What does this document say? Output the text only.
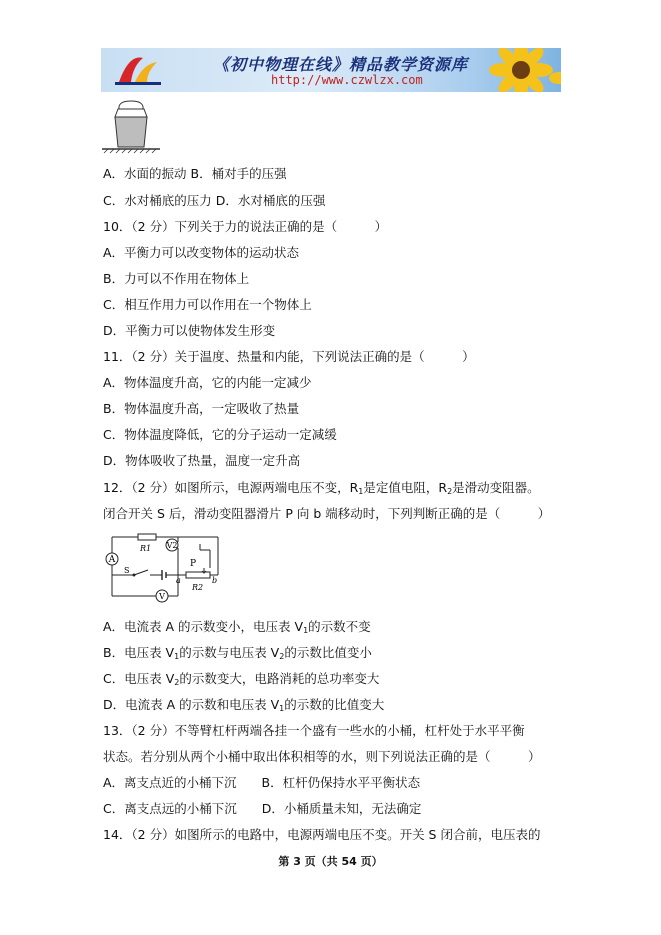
《初中物理在线》精品教学资源库
http://www.czwlzx.com
A．水面的振动 B．桶对手的压强
C．水对桶底的压力 D．水对桶底的压强
10．（2 分）下列关于力的说法正确的是（　　　）
A．平衡力可以改变物体的运动状态
B．力可以不作用在物体上
C．相互作用力可以作用在一个物体上
D．平衡力可以使物体发生形变
11．（2 分）关于温度、热量和内能，下列说法正确的是（　　　）
A．物体温度升高，它的内能一定减少
B．物体温度升高，一定吸收了热量
C．物体温度降低，它的分子运动一定减缓
D．物体吸收了热量，温度一定升高
12．（2 分）如图所示，电源两端电压不变，$R_1$是定值电阻，$R_2$是滑动变阻器。
闭合开关 S 后，滑动变阻器滑片 P 向 b 端移动时，下列判断正确的是（　　　）
A
V2
V
R1
R2
S
P
a	b
A．电流表 A 的示数变小，电压表 $V_1$的示数不变
B．电压表 $V_1$的示数与电压表 $V_2$的示数比值变小
C．电压表 $V_2$的示数变大，电路消耗的总功率变大
D．电流表 A 的示数和电压表 $V_1$的示数的比值变大
13．（2 分）不等臂杠杆两端各挂一个盛有一些水的小桶，杠杆处于水平平衡
状态。若分别从两个小桶中取出体积相等的水，则下列说法正确的是（　　　）
A．离支点近的小桶下沉　　B．杠杆仍保持水平平衡状态
C．离支点远的小桶下沉　　D．小桶质量未知，无法确定
14．（2 分）如图所示的电路中，电源两端电压不变。开关 S 闭合前，电压表的
第 3 页（共 54 页）
